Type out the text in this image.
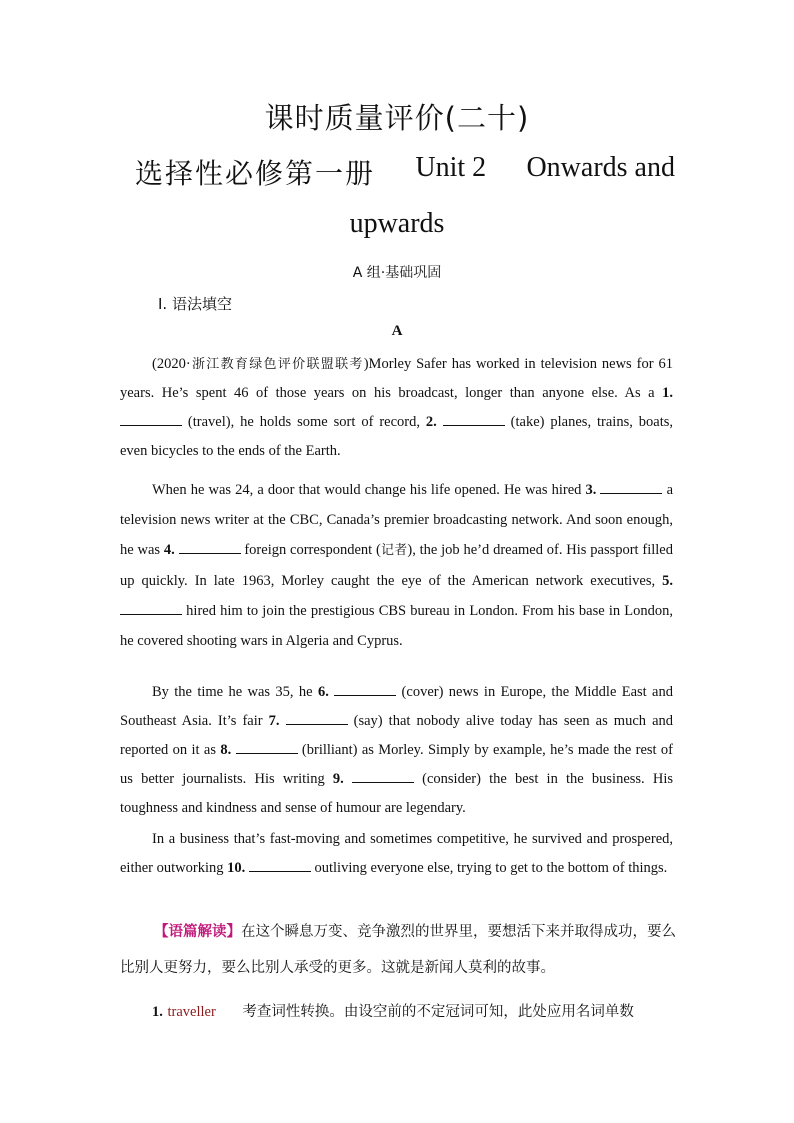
课时质量评价(二十)
选择性必修第一册 Unit 2 Onwards and
upwards
A 组·基础巩固
Ⅰ. 语法填空
A
(2020·浙江教育绿色评价联盟联考)Morley Safer has worked in television news for 61 years. He’s spent 46 of those years on his broadcast, longer than anyone else. As a 1.  (travel), he holds some sort of record, 2.	(take) planes, trains, boats, even bicycles to the ends of the Earth.
When he was 24, a door that would change his life opened. He was hired 3.	a television news writer at the CBC, Canada’s premier broadcasting network. And soon enough, he was 4.	foreign correspondent (记者), the job he’d dreamed of. His passport filled up quickly. In late 1963, Morley caught the eye of the American network executives, 5.  hired him to join the prestigious CBS bureau in London. From his base in London, he covered shooting wars in Algeria and Cyprus.
By the time he was 35, he 6.	(cover) news in Europe, the Middle East and Southeast Asia. It’s fair 7.	(say) that nobody alive today has seen as much and reported on it as 8.	(brilliant) as Morley. Simply by example, he’s made the rest of us better journalists. His writing 9.	(consider) the best in the business. His toughness and kindness and sense of humour are legendary.
In a business that’s fast-moving and sometimes competitive, he survived and prospered, either outworking 10.	outliving everyone else, trying to get to the bottom of things.
【语篇解读】在这个瞬息万变、竞争激烈的世界里，要想活下来并取得成功，要么比别人更努力，要么比别人承受的更多。这就是新闻人莫利的故事。
1. traveller 考查词性转换。由设空前的不定冠词可知，此处应用名词单数
